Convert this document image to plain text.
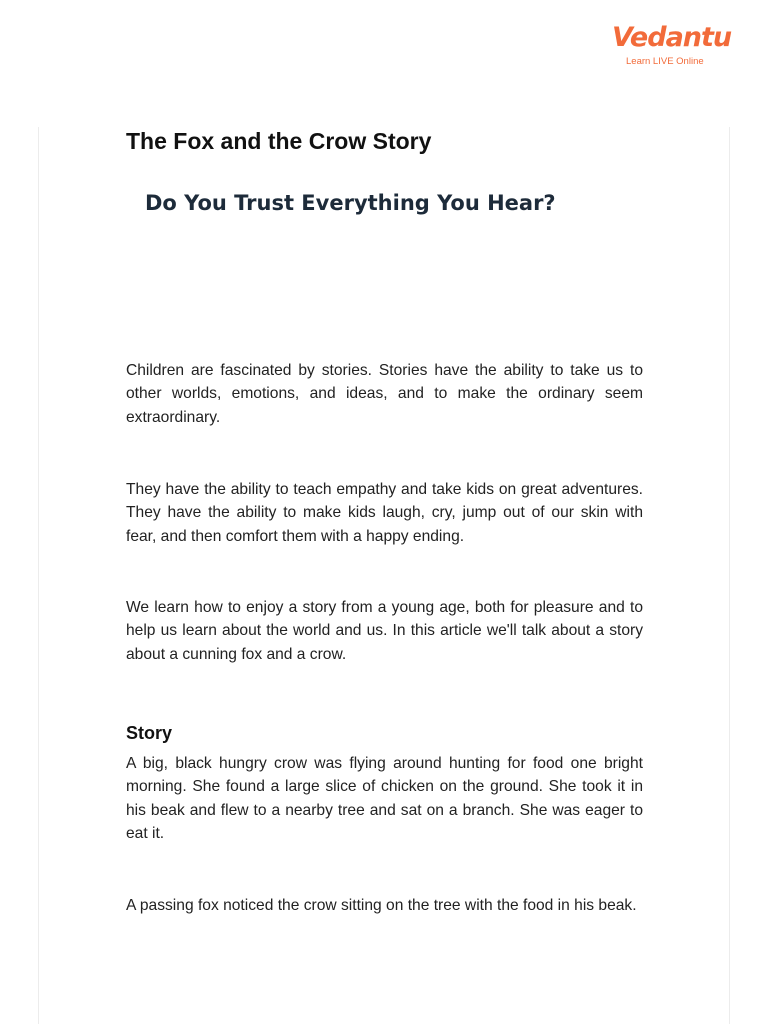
Vedantu
Learn LIVE Online
The Fox and the Crow Story
Do You Trust Everything You Hear?

Children are fascinated by stories. Stories have the ability to take us to other worlds, emotions, and ideas, and to make the ordinary seem extraordinary.

They have the ability to teach empathy and take kids on great adventures. They have the ability to make kids laugh, cry, jump out of our skin with fear, and then comfort them with a happy ending.

We learn how to enjoy a story from a young age, both for pleasure and to help us learn about the world and us. In this article we'll talk about a story about a cunning fox and a crow.

Story

A big, black hungry crow was flying around hunting for food one bright morning. She found a large slice of chicken on the ground. She took it in his beak and flew to a nearby tree and sat on a branch. She was eager to eat it.

A passing fox noticed the crow sitting on the tree with the food in his beak.
